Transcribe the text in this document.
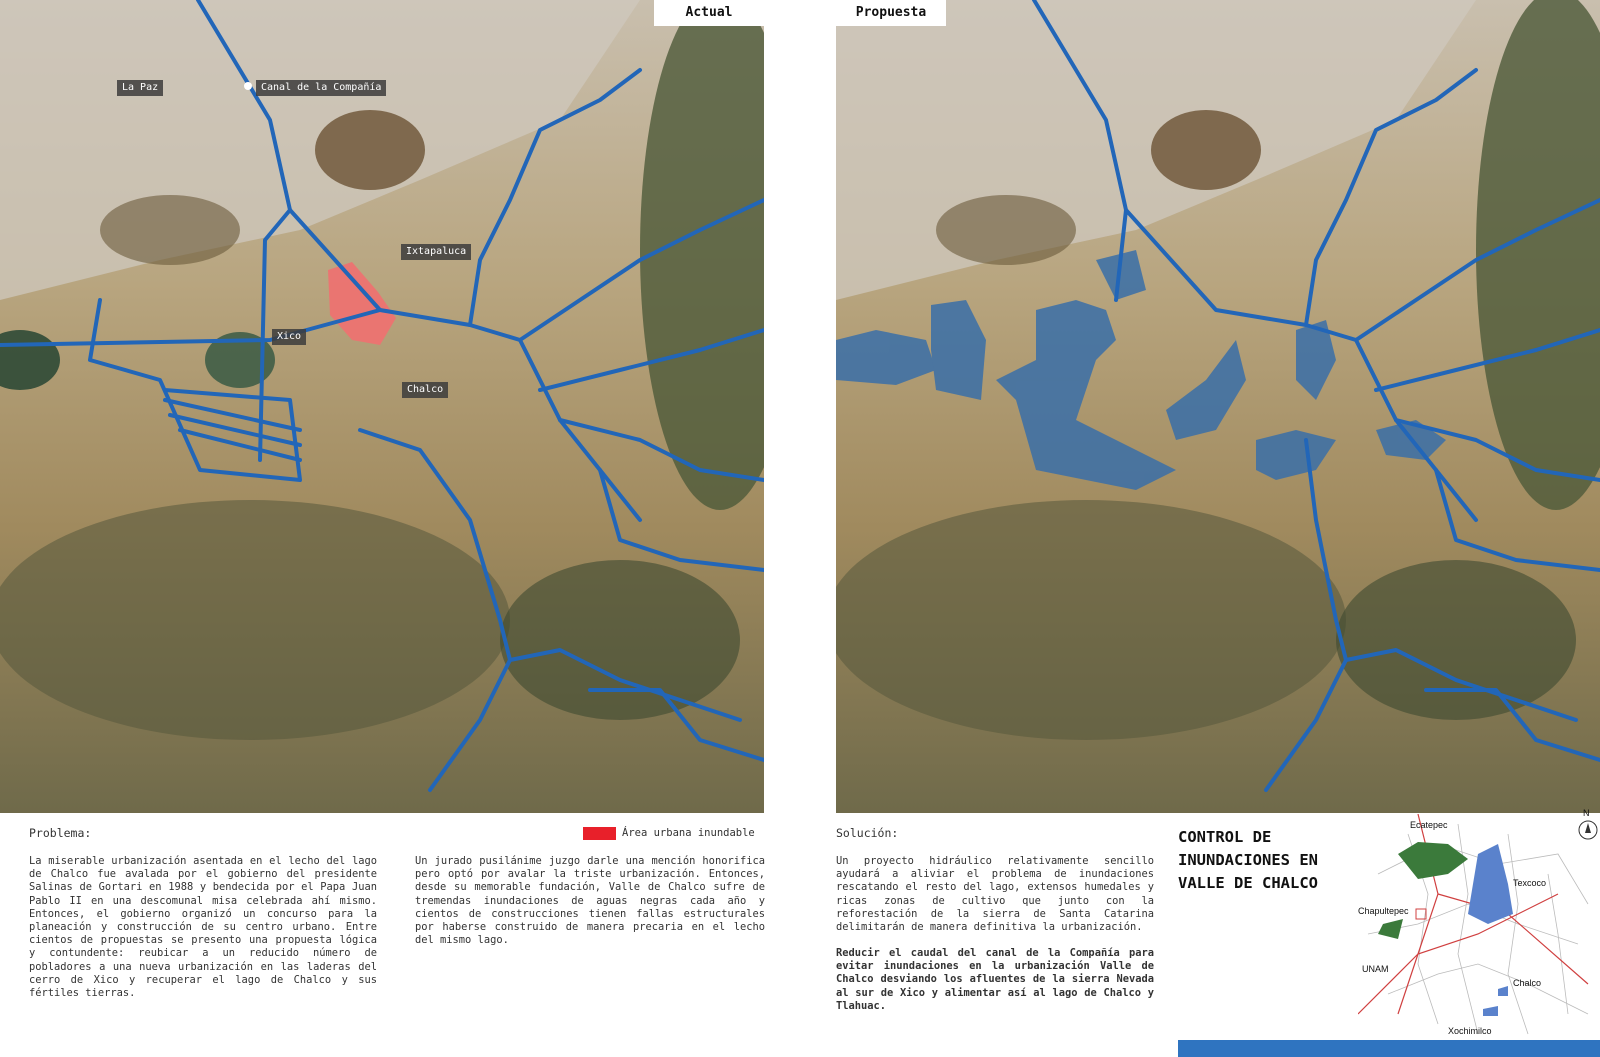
Actual	Propuesta
La Paz	Canal de la Compañía
Ixtapaluca
Xico
Chalco
Área urbana inundable
Problema:
La miserable urbanización asentada en el lecho del lago de Chalco fue avalada por el gobierno del presidente Salinas de Gortari en 1988 y bendecida por el Papa Juan Pablo II en una descomunal misa celebrada ahí mismo. Entonces, el gobierno organizó un concurso para la planeación y construcción de su centro urbano. Entre cientos de propuestas se presento una propuesta lógica y contundente: reubicar a un reducido número de pobladores a una nueva urbanización en las laderas del cerro de Xico y recuperar el lago de Chalco y sus fértiles tierras.
Un jurado pusilánime juzgo darle una mención honorifica pero optó por avalar la triste urbanización. Entonces, desde su memorable fundación, Valle de Chalco sufre de tremendas inundaciones de aguas negras cada año y cientos de construcciones tienen fallas estructurales por haberse construido de manera precaria en el lecho del mismo lago.
Solución:
Un proyecto hidráulico relativamente sencillo ayudará a aliviar el problema de inundaciones rescatando el resto del lago, extensos humedales y ricas zonas de cultivo que junto con la reforestación de la sierra de Santa Catarina delimitarán de manera definitiva la urbanización.
Reducir el caudal del canal de la Compañía para evitar inundaciones en la urbanización Valle de Chalco desviando los afluentes de la sierra Nevada al sur de Xico y alimentar así al lago de Chalco y Tlahuac.
CONTROL DE
INUNDACIONES EN
VALLE DE CHALCO
N
Ecatepec
Texcoco
Chapultepec
UNAM
Chalco
Xochimilco
